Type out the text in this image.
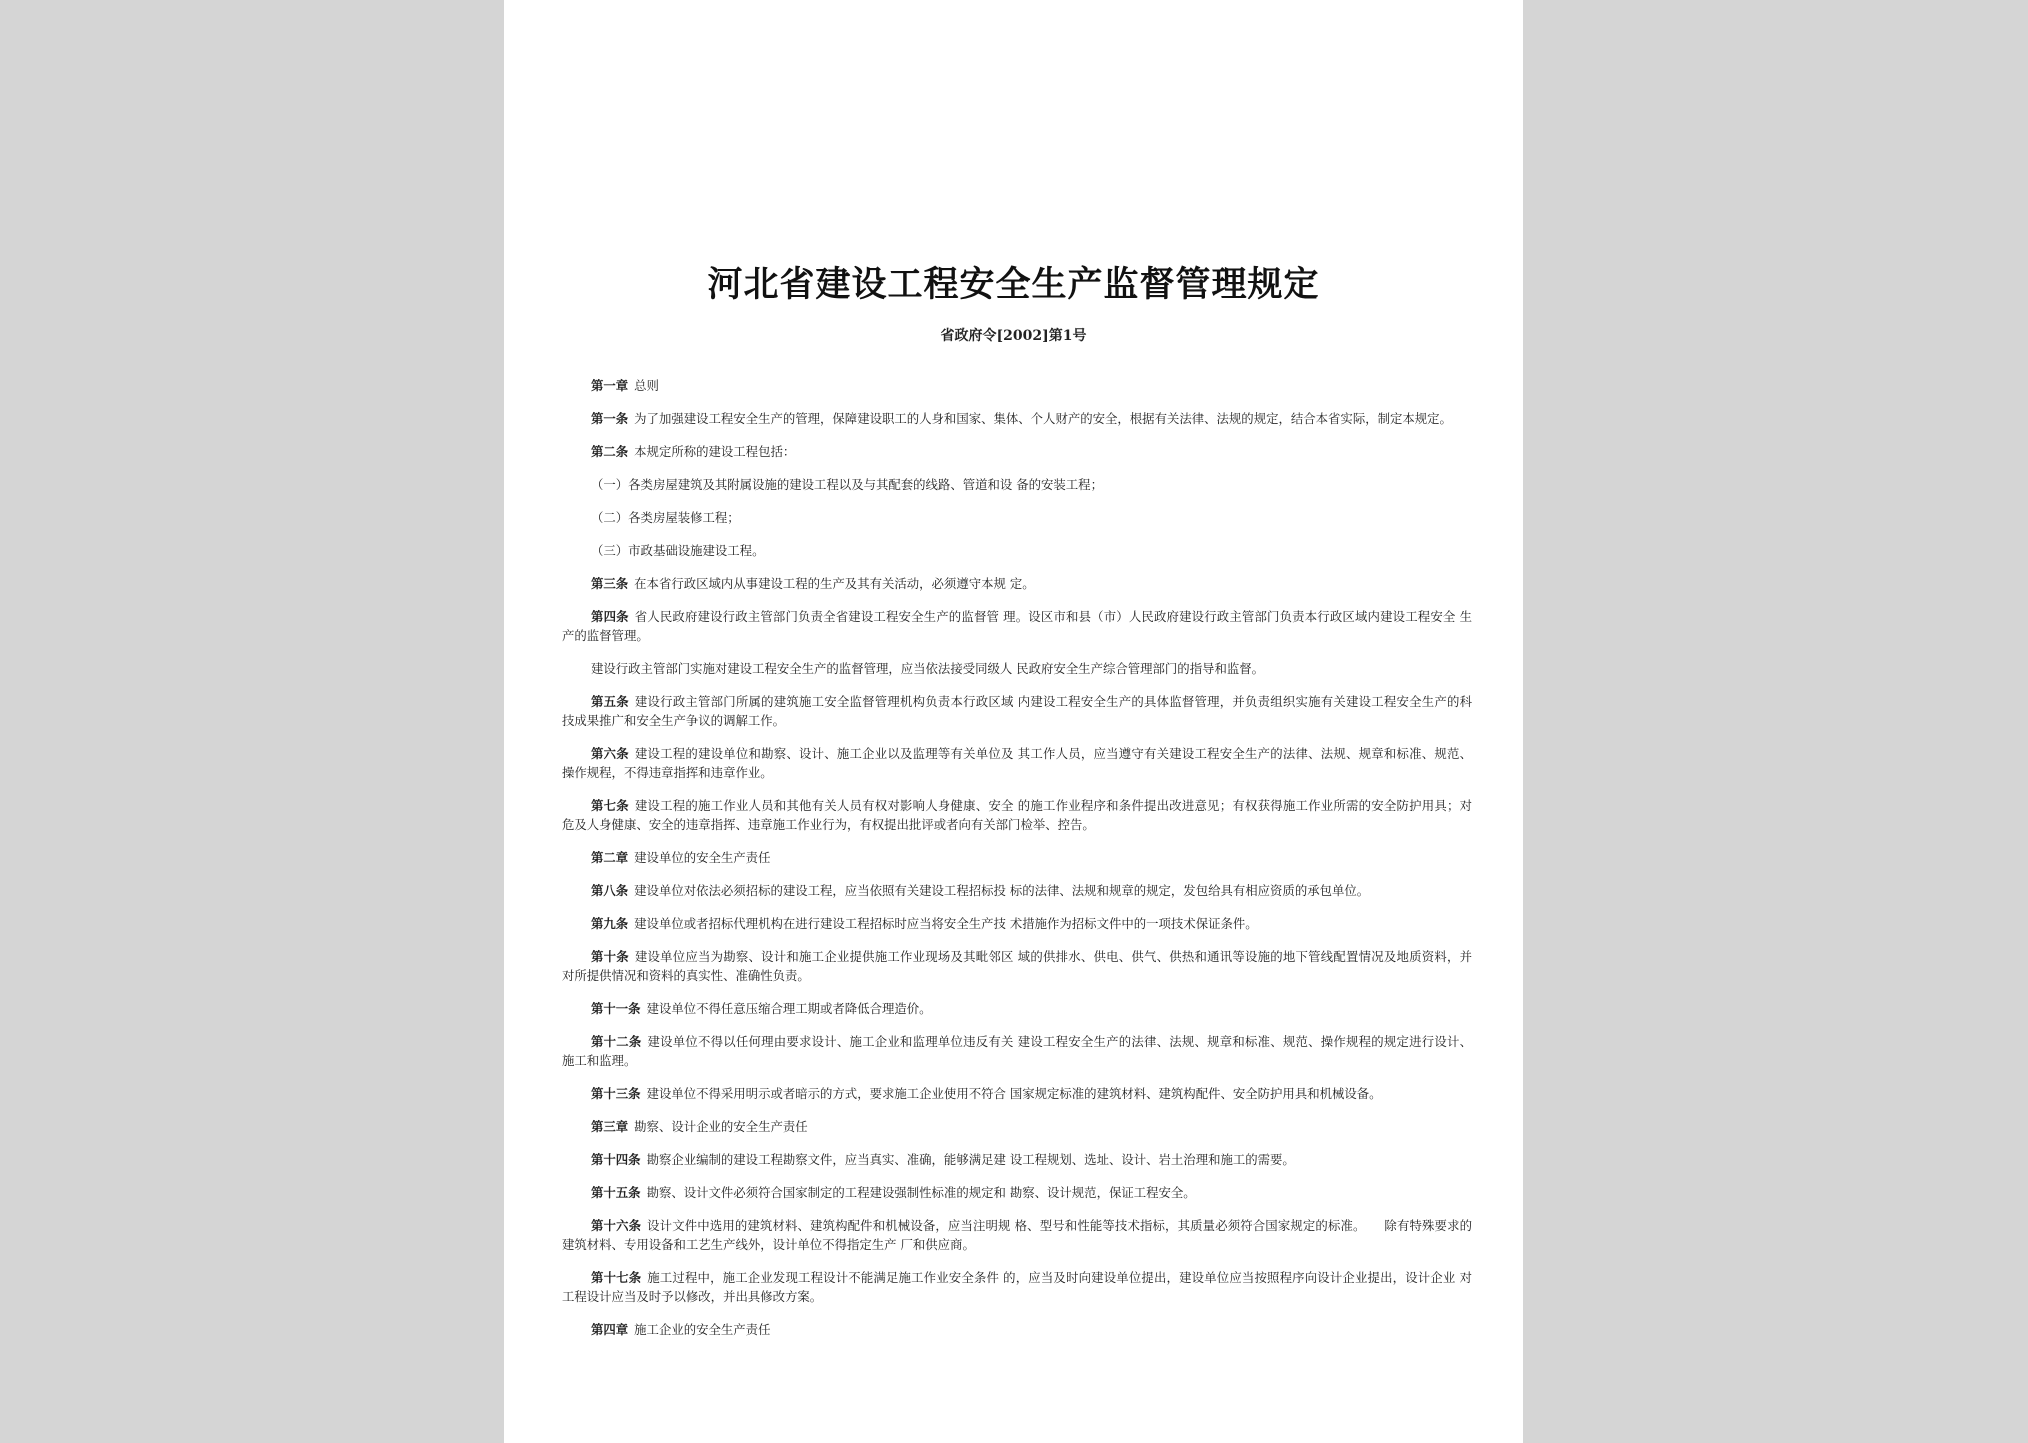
河北省建设工程安全生产监督管理规定
省政府令[2002]第1号

第一章 总则

第一条 为了加强建设工程安全生产的管理，保障建设职工的人身和国家、集体、个人财产的安全，根据有关法律、法规的规定，结合本省实际，制定本规定。

第二条 本规定所称的建设工程包括：

（一）各类房屋建筑及其附属设施的建设工程以及与其配套的线路、管道和设 备的安装工程；

（二）各类房屋装修工程；

（三）市政基础设施建设工程。

第三条 在本省行政区域内从事建设工程的生产及其有关活动，必须遵守本规 定。

第四条 省人民政府建设行政主管部门负责全省建设工程安全生产的监督管 理。设区市和县（市）人民政府建设行政主管部门负责本行政区域内建设工程安全 生产的监督管理。

建设行政主管部门实施对建设工程安全生产的监督管理，应当依法接受同级人 民政府安全生产综合管理部门的指导和监督。

第五条 建设行政主管部门所属的建筑施工安全监督管理机构负责本行政区域 内建设工程安全生产的具体监督管理，并负责组织实施有关建设工程安全生产的科 技成果推广和安全生产争议的调解工作。

第六条 建设工程的建设单位和勘察、设计、施工企业以及监理等有关单位及 其工作人员，应当遵守有关建设工程安全生产的法律、法规、规章和标准、规范、 操作规程，不得违章指挥和违章作业。

第七条 建设工程的施工作业人员和其他有关人员有权对影响人身健康、安全 的施工作业程序和条件提出改进意见；有权获得施工作业所需的安全防护用具；对 危及人身健康、安全的违章指挥、违章施工作业行为，有权提出批评或者向有关部门检举、控告。

第二章 建设单位的安全生产责任

第八条 建设单位对依法必须招标的建设工程，应当依照有关建设工程招标投 标的法律、法规和规章的规定，发包给具有相应资质的承包单位。

第九条 建设单位或者招标代理机构在进行建设工程招标时应当将安全生产技 术措施作为招标文件中的一项技术保证条件。

第十条 建设单位应当为勘察、设计和施工企业提供施工作业现场及其毗邻区 域的供排水、供电、供气、供热和通讯等设施的地下管线配置情况及地质资料，并 对所提供情况和资料的真实性、准确性负责。

第十一条 建设单位不得任意压缩合理工期或者降低合理造价。

第十二条 建设单位不得以任何理由要求设计、施工企业和监理单位违反有关 建设工程安全生产的法律、法规、规章和标准、规范、操作规程的规定进行设计、 施工和监理。

第十三条 建设单位不得采用明示或者暗示的方式，要求施工企业使用不符合 国家规定标准的建筑材料、建筑构配件、安全防护用具和机械设备。

第三章 勘察、设计企业的安全生产责任

第十四条 勘察企业编制的建设工程勘察文件，应当真实、准确，能够满足建 设工程规划、选址、设计、岩土治理和施工的需要。

第十五条 勘察、设计文件必须符合国家制定的工程建设强制性标准的规定和 勘察、设计规范，保证工程安全。

第十六条 设计文件中选用的建筑材料、建筑构配件和机械设备，应当注明规 格、型号和性能等技术指标，其质量必须符合国家规定的标准。　　除有特殊要求的建筑材料、专用设备和工艺生产线外，设计单位不得指定生产 厂和供应商。

第十七条 施工过程中，施工企业发现工程设计不能满足施工作业安全条件 的，应当及时向建设单位提出，建设单位应当按照程序向设计企业提出，设计企业 对工程设计应当及时予以修改，并出具修改方案。

第四章 施工企业的安全生产责任
